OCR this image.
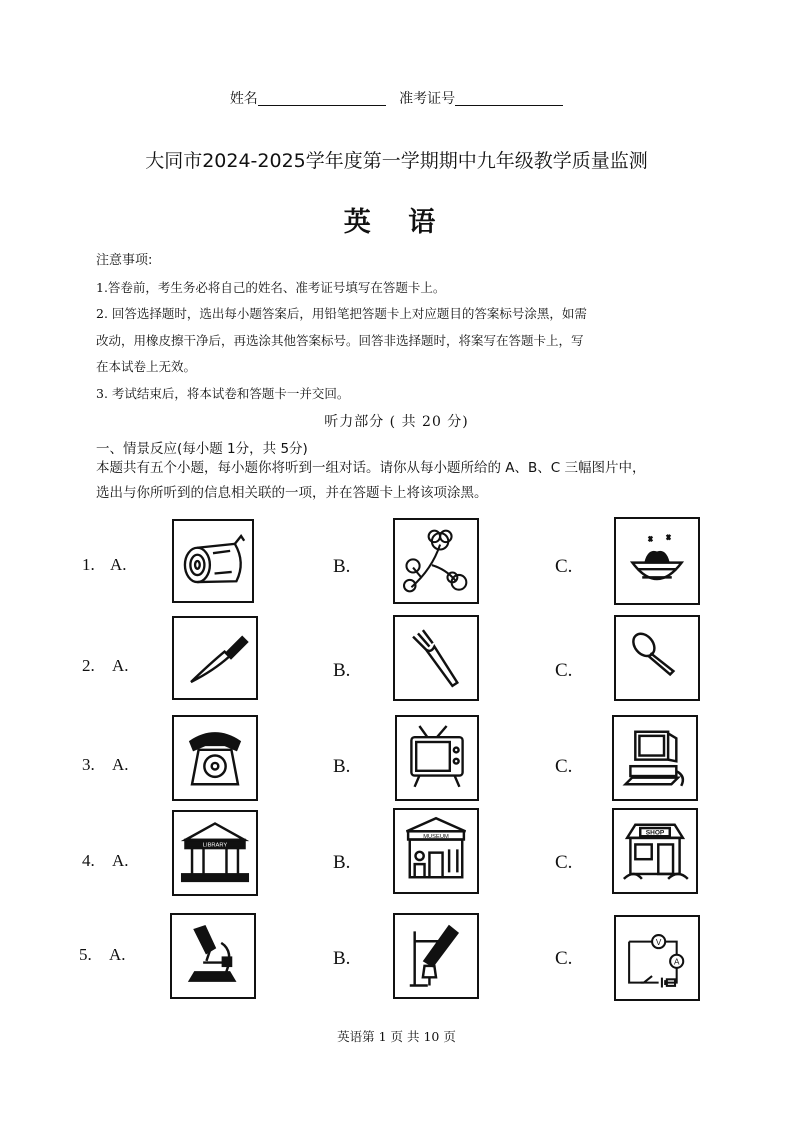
姓名	准考证号
大同市2024-2025学年度第一学期期中九年级教学质量监测
英 语

注意事项:

1.答卷前，考生务必将自己的姓名、准考证号填写在答题卡上。

2. 回答选择题时，选出每小题答案后，用铅笔把答题卡上对应题目的答案标号涂黑，如需

改动，用橡皮擦干净后，再选涂其他答案标号。回答非选择题时，将案写在答题卡上，写

在本试卷上无效。

3. 考试结束后，将本试卷和答题卡一并交回。

听力部分 ( 共 20 分)
一、情景反应(每小题 1分，共 5分)

本题共有五个小题，每小题你将听到一组对话。请你从每小题所给的 A、B、C 三幅图片中，

选出与你所听到的信息相关联的一项，并在答题卡上将该项涂黑。

1. A.	B.	C.
2. A.	B.	C.
3. A.	B.	C.
4. A.
LIBRARY
B.
MUSEUM
C.
SHOP
5. A.	B.	C.
V
A
英语第 1 页 共 10 页
